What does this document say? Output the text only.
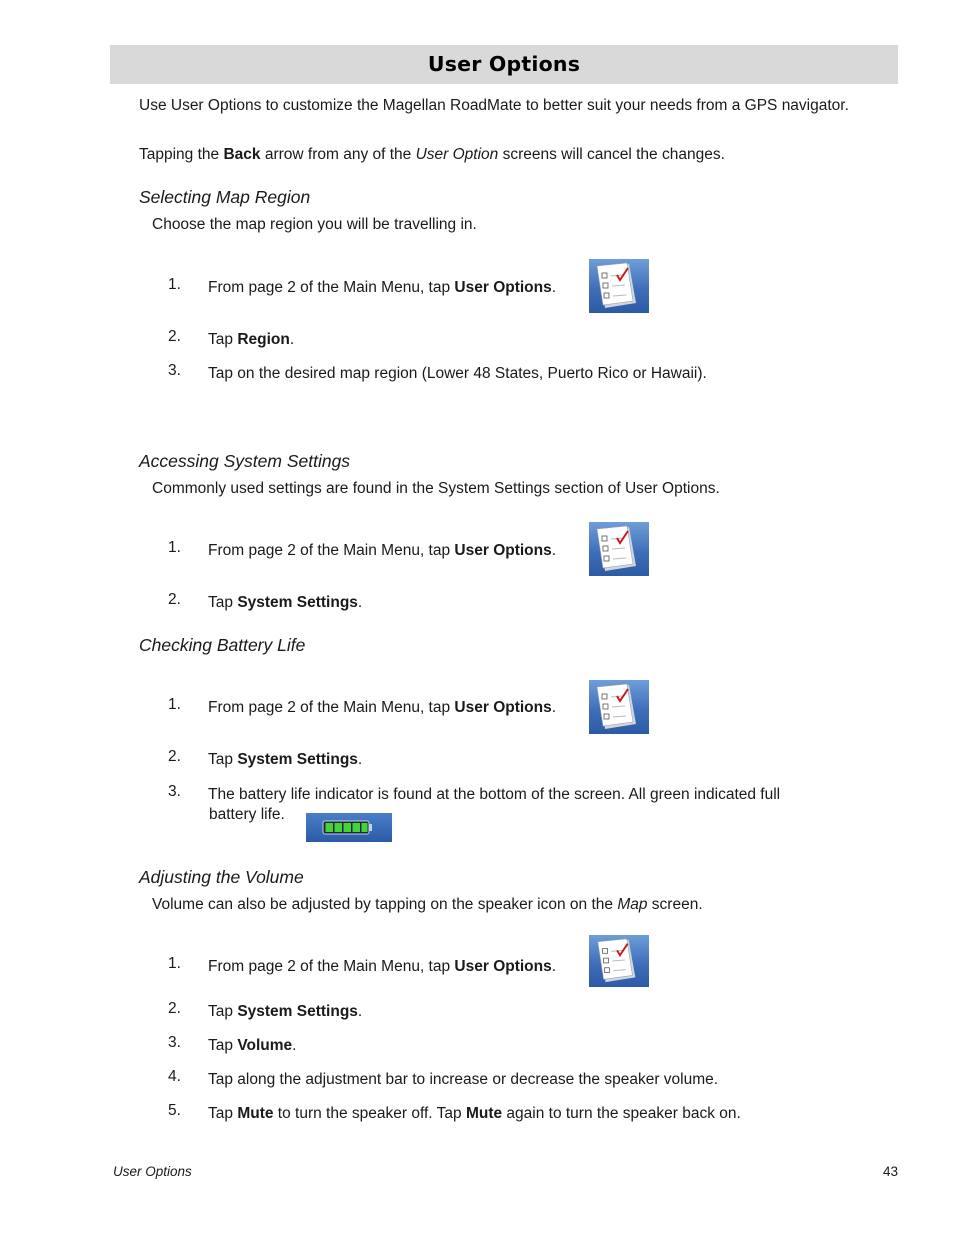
User Options
Use User Options to customize the Magellan RoadMate to better suit your needs from a GPS navigator.
Tapping the Back arrow from any of the User Option screens will cancel the changes.
Selecting Map Region
Choose the map region you will be travelling in.
1.	From page 2 of the Main Menu, tap User Options.
2.	Tap Region.
3.	Tap on the desired map region (Lower 48 States, Puerto Rico or Hawaii).
Accessing System Settings
Commonly used settings are found in the System Settings section of User Options.
1.	From page 2 of the Main Menu, tap User Options.
2.	Tap System Settings.
Checking Battery Life
1.	From page 2 of the Main Menu, tap User Options.
2.	Tap System Settings.
3.	The battery life indicator is found at the bottom of the screen. All green indicated full
battery life.
Adjusting the Volume
Volume can also be adjusted by tapping on the speaker icon on the Map screen.
1.	From page 2 of the Main Menu, tap User Options.
2.	Tap System Settings.
3.	Tap Volume.
4.	Tap along the adjustment bar to increase or decrease the speaker volume.
5.	Tap Mute to turn the speaker off. Tap Mute again to turn the speaker back on.
User Options	43
